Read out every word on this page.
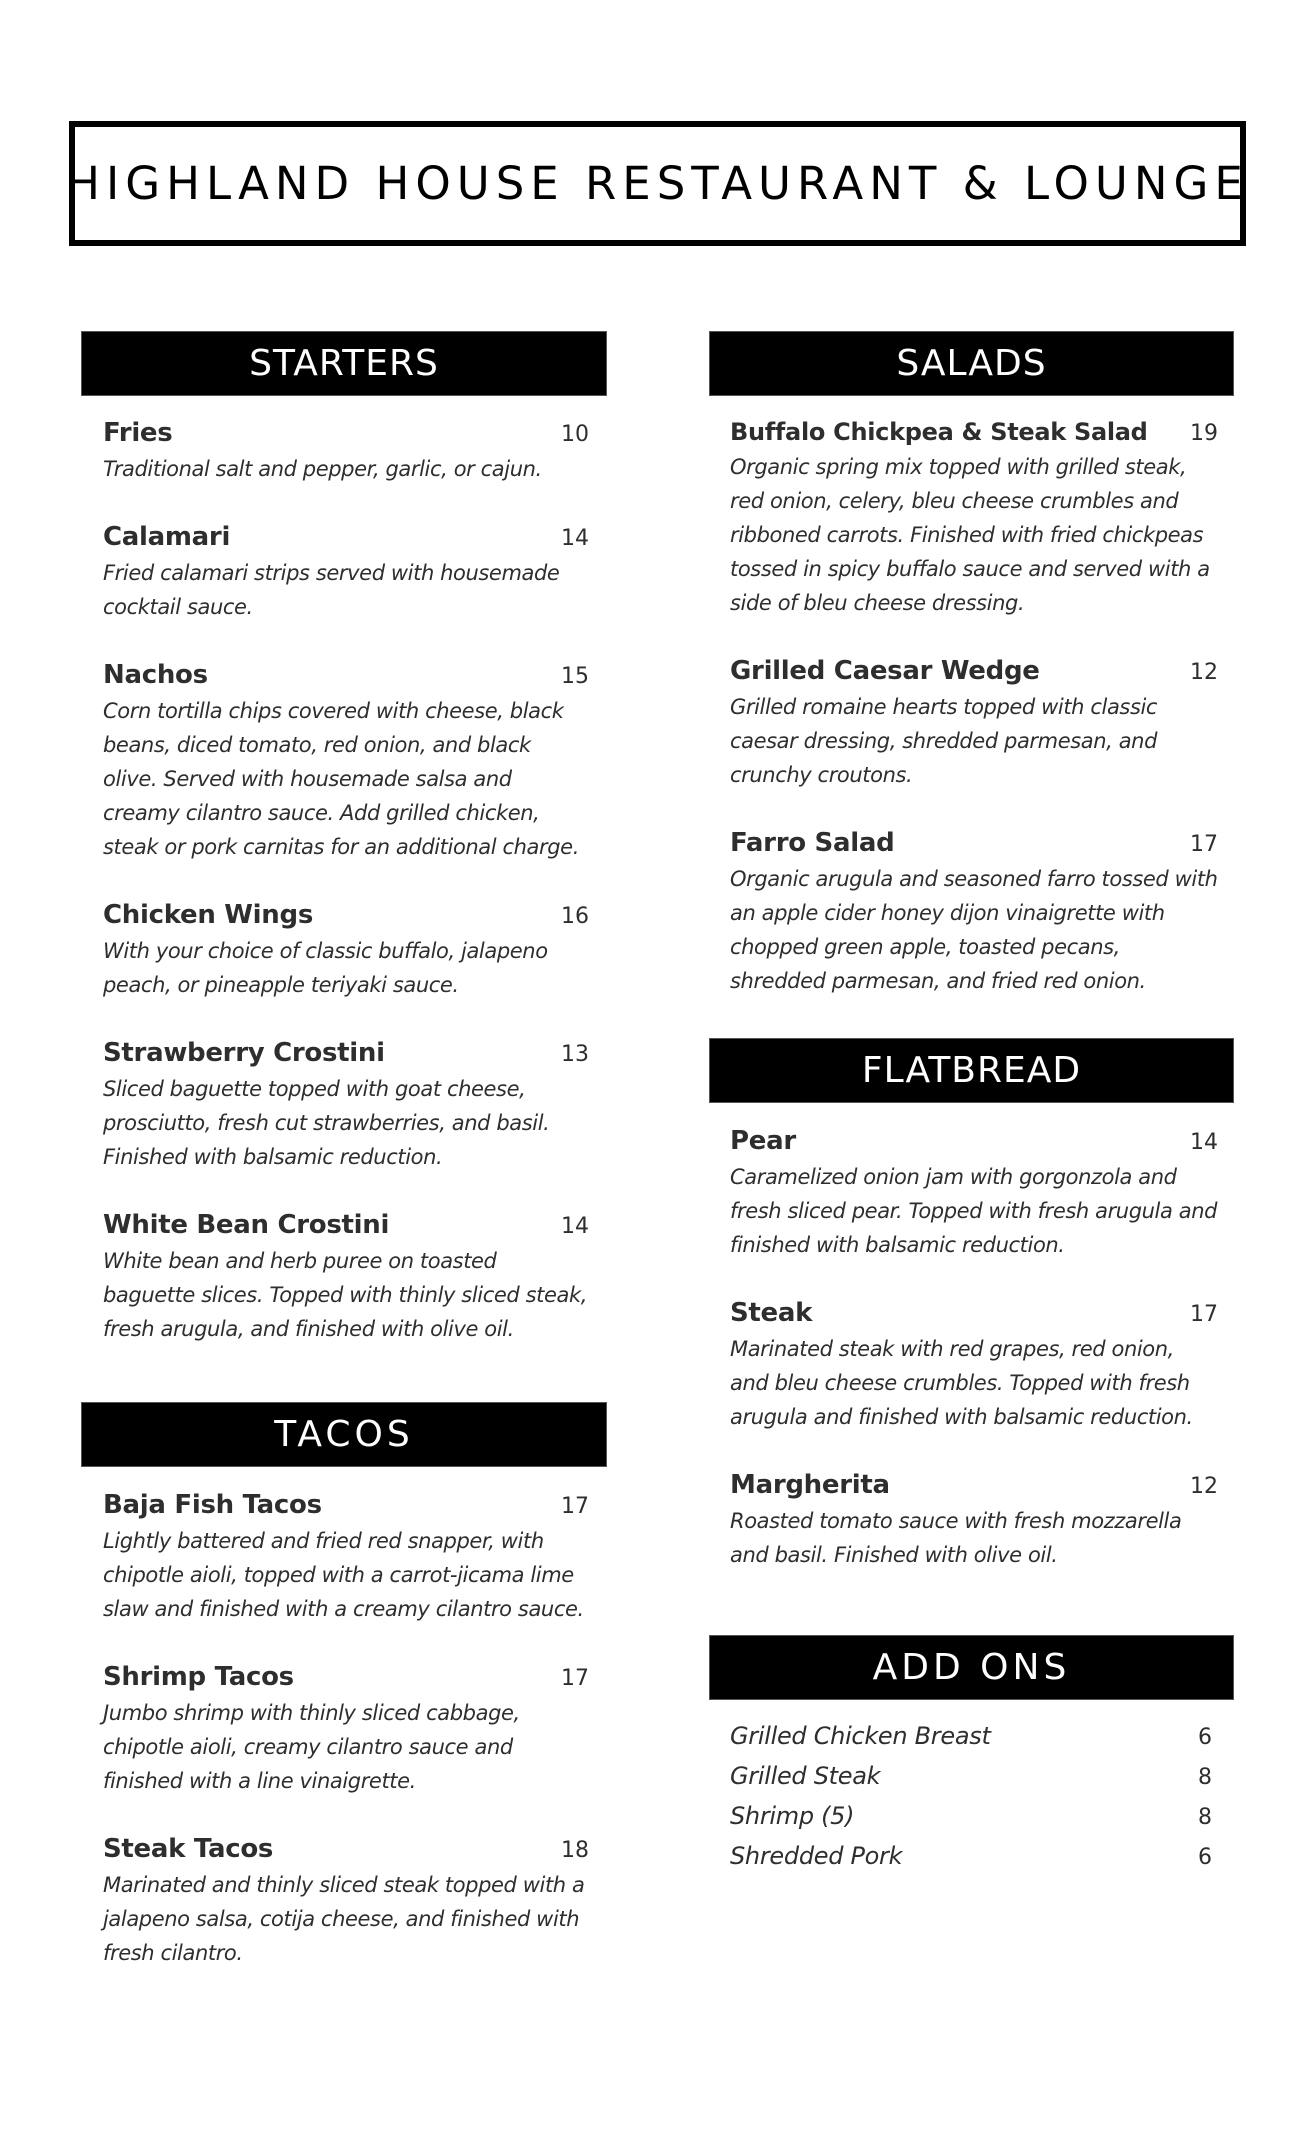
HIGHLAND HOUSE RESTAURANT & LOUNGE
STARTERS
Fries	10
Traditional salt and pepper, garlic, or cajun.
Calamari	14
Fried calamari strips served with housemade cocktail sauce.
Nachos	15
Corn tortilla chips covered with cheese, black beans, diced tomato, red onion, and black olive. Served with housemade salsa and creamy cilantro sauce. Add grilled chicken, steak or pork carnitas for an additional charge.
Chicken Wings	16
With your choice of classic buffalo, jalapeno peach, or pineapple teriyaki sauce.
Strawberry Crostini	13
Sliced baguette topped with goat cheese, prosciutto, fresh cut strawberries, and basil. Finished with balsamic reduction.
White Bean Crostini	14
White bean and herb puree on toasted baguette slices. Topped with thinly sliced steak, fresh arugula, and finished with olive oil.
TACOS
Baja Fish Tacos	17
Lightly battered and fried red snapper, with chipotle aioli, topped with a carrot-jicama lime slaw and finished with a creamy cilantro sauce.
Shrimp Tacos	17
Jumbo shrimp with thinly sliced cabbage, chipotle aioli, creamy cilantro sauce and finished with a line vinaigrette.
Steak Tacos	18
Marinated and thinly sliced steak topped with a jalapeno salsa, cotija cheese, and finished with fresh cilantro.
SALADS
Buffalo Chickpea & Steak Salad 19
Organic spring mix topped with grilled steak, red onion, celery, bleu cheese crumbles and ribboned carrots. Finished with fried chickpeas tossed in spicy buffalo sauce and served with a side of bleu cheese dressing.
Grilled Caesar Wedge	12
Grilled romaine hearts topped with classic caesar dressing, shredded parmesan, and crunchy croutons.
Farro Salad	17
Organic arugula and seasoned farro tossed with an apple cider honey dijon vinaigrette with chopped green apple, toasted pecans, shredded parmesan, and fried red onion.
FLATBREAD
Pear	14
Caramelized onion jam with gorgonzola and fresh sliced pear. Topped with fresh arugula and finished with balsamic reduction.
Steak	17
Marinated steak with red grapes, red onion, and bleu cheese crumbles. Topped with fresh arugula and finished with balsamic reduction.
Margherita	12
Roasted tomato sauce with fresh mozzarella and basil. Finished with olive oil.
ADD ONS
Grilled Chicken Breast	6
Grilled Steak	8
Shrimp (5)	8
Shredded Pork	6
